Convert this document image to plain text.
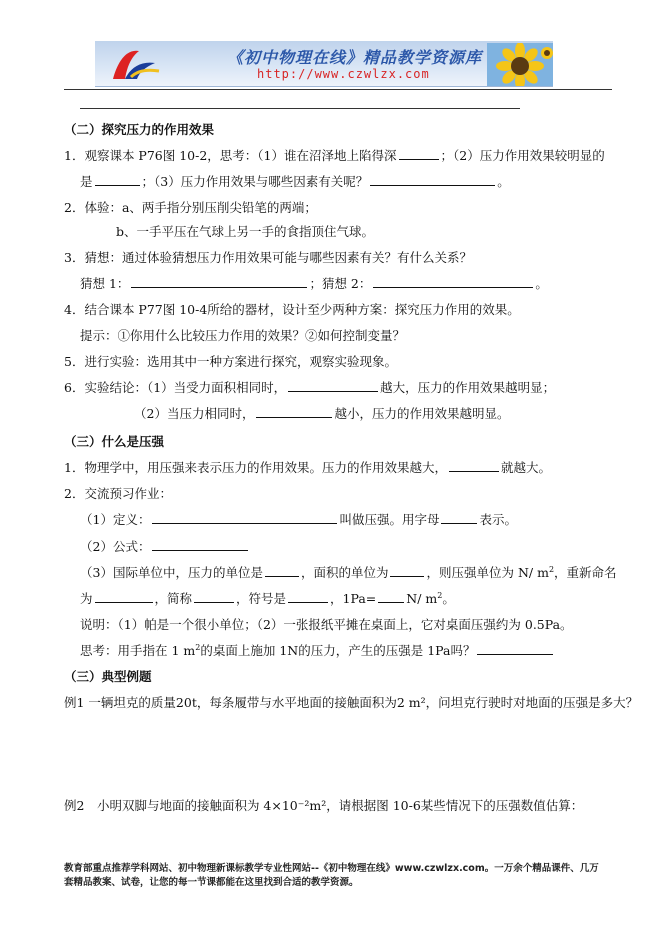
《初中物理在线》精品教学资源库
http://www.czwlzx.com
（二）探究压力的作用效果
1．观察课本 P76图 10-2，思考：（1）谁在沼泽地上陷得深	；（2）压力作用效果较明显的
是	；（3）压力作用效果与哪些因素有关呢？	。
2．体验：a、两手指分别压削尖铅笔的两端；
b、一手平压在气球上另一手的食指顶住气球。
3．猜想：通过体验猜想压力作用效果可能与哪些因素有关？有什么关系？
猜想 1：	；猜想 2：	。
4．结合课本 P77图 10-4所给的器材，设计至少两种方案：探究压力作用的效果。
提示：①你用什么比较压力作用的效果？②如何控制变量？
5．进行实验：选用其中一种方案进行探究，观察实验现象。
6．实验结论：（1）当受力面积相同时，	越大，压力的作用效果越明显；
（2）当压力相同时，	越小，压力的作用效果越明显。
（三）什么是压强
1．物理学中，用压强来表示压力的作用效果。压力的作用效果越大，	就越大。
2．交流预习作业：
（1）定义：	叫做压强。用字母	表示。
（2）公式：
（3）国际单位中，压力的单位是	，面积的单位为	，则压强单位为 N/ $m^2$，重新命名
为	，简称	，符号是	，1Pa= N/ $m^2$。
说明：（1）帕是一个很小单位；（2）一张报纸平摊在桌面上，它对桌面压强约为 0.5Pa。
思考：用手指在 1 $m^2$的桌面上施加 1N的压力，产生的压强是 1Pa吗？
（三）典型例题
例1 一辆坦克的质量20t，每条履带与水平地面的接触面积为2 m²，问坦克行驶时对地面的压强是多大？
例2　小明双脚与地面的接触面积为 4×10⁻²m²，请根据图 10-6某些情况下的压强数值估算：
教育部重点推荐学科网站、初中物理新课标教学专业性网站--《初中物理在线》www.czwlzx.com。一万余个精品课件、几万套精品教案、试卷，让您的每一节课都能在这里找到合适的教学资源。
